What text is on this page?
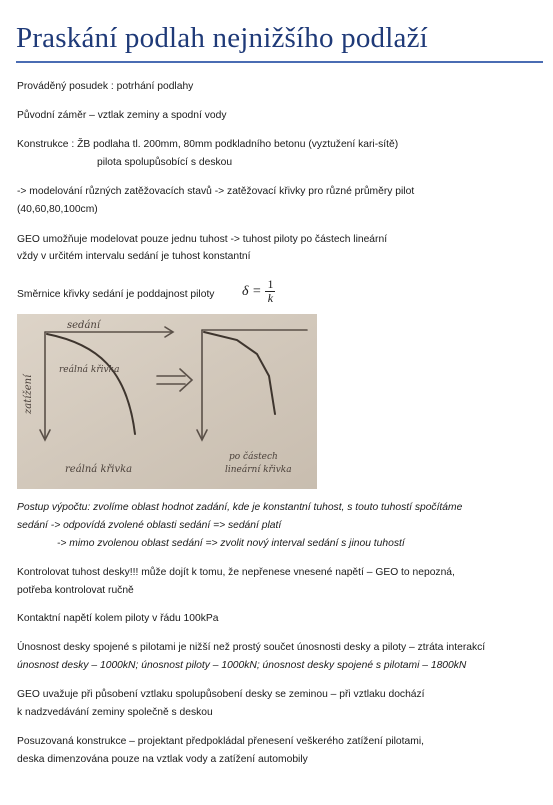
Praskání podlah nejnižšího podlaží
Prováděný posudek : potrhání podlahy
Původní záměr – vztlak zeminy a spodní vody
Konstrukce : ŽB podlaha tl. 200mm, 80mm podkladního betonu (vyztužení kari-sítě)
pilota spolupůsobící s deskou
-> modelování různých zatěžovacích stavů -> zatěžovací křivky pro různé průměry pilot
(40,60,80,100cm)
GEO umožňuje modelovat pouze jednu tuhost -> tuhost piloty po částech lineární
vždy v určitém intervalu sedání je tuhost konstantní
Směrnice křivky sedání je poddajnost piloty $\delta = \frac{1}{k}$
sedání
zatížení
reálná křivka
reálná křivka
po částech
lineární křivka
Postup výpočtu: zvolíme oblast hodnot zadání, kde je konstantní tuhost, s touto tuhostí spočítáme
sedání -> odpovídá zvolené oblasti sedání => sedání platí
-> mimo zvolenou oblast sedání => zvolit nový interval sedání s jinou tuhostí
Kontrolovat tuhost desky!!! může dojít k tomu, že nepřenese vnesené napětí – GEO to nepozná,
potřeba kontrolovat ručně
Kontaktní napětí kolem piloty v řádu 100kPa
Únosnost desky spojené s pilotami je nižší než prostý součet únosnosti desky a piloty – ztráta interakcí
únosnost desky – 1000kN; únosnost piloty – 1000kN; únosnost desky spojené s pilotami – 1800kN
GEO uvažuje při působení vztlaku spolupůsobení desky se zeminou – při vztlaku dochází
k nadzvedávání zeminy společně s deskou
Posuzovaná konstrukce – projektant předpokládal přenesení veškerého zatížení pilotami,
deska dimenzována pouze na vztlak vody a zatížení automobily
